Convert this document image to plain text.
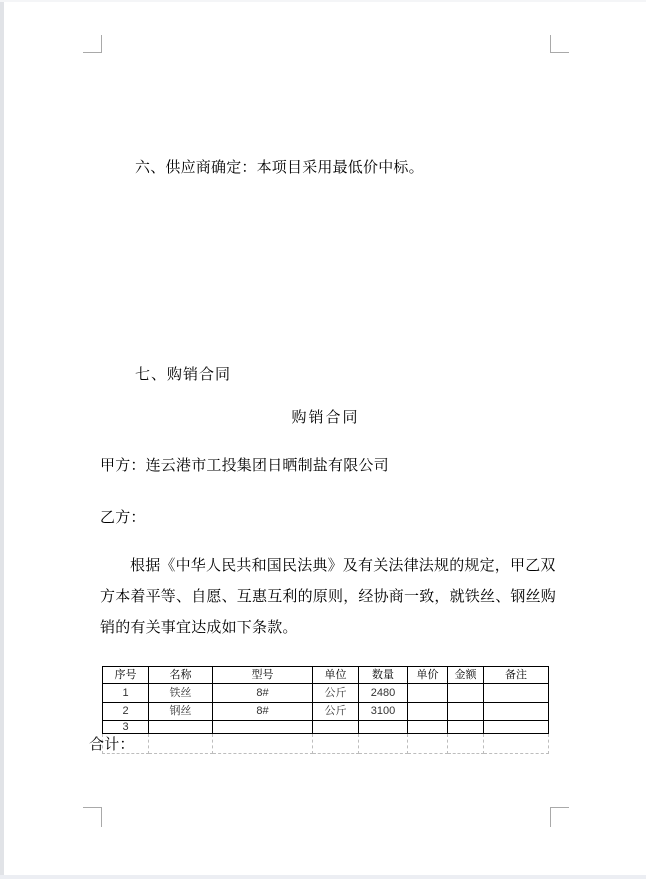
六、供应商确定：本项目采用最低价中标。
七、购销合同
购销合同
甲方：连云港市工投集团日晒制盐有限公司
乙方：
根据《中华人民共和国民法典》及有关法律法规的规定，甲乙双
方本着平等、自愿、互惠互利的原则，经协商一致，就铁丝、钢丝购
销的有关事宜达成如下条款。
序号	名称	型号	单位	数量	单价	金额	备注
1	铁丝	8#	公斤	2480			
2	钢丝	8#	公斤	3100			
3							

合计：							
